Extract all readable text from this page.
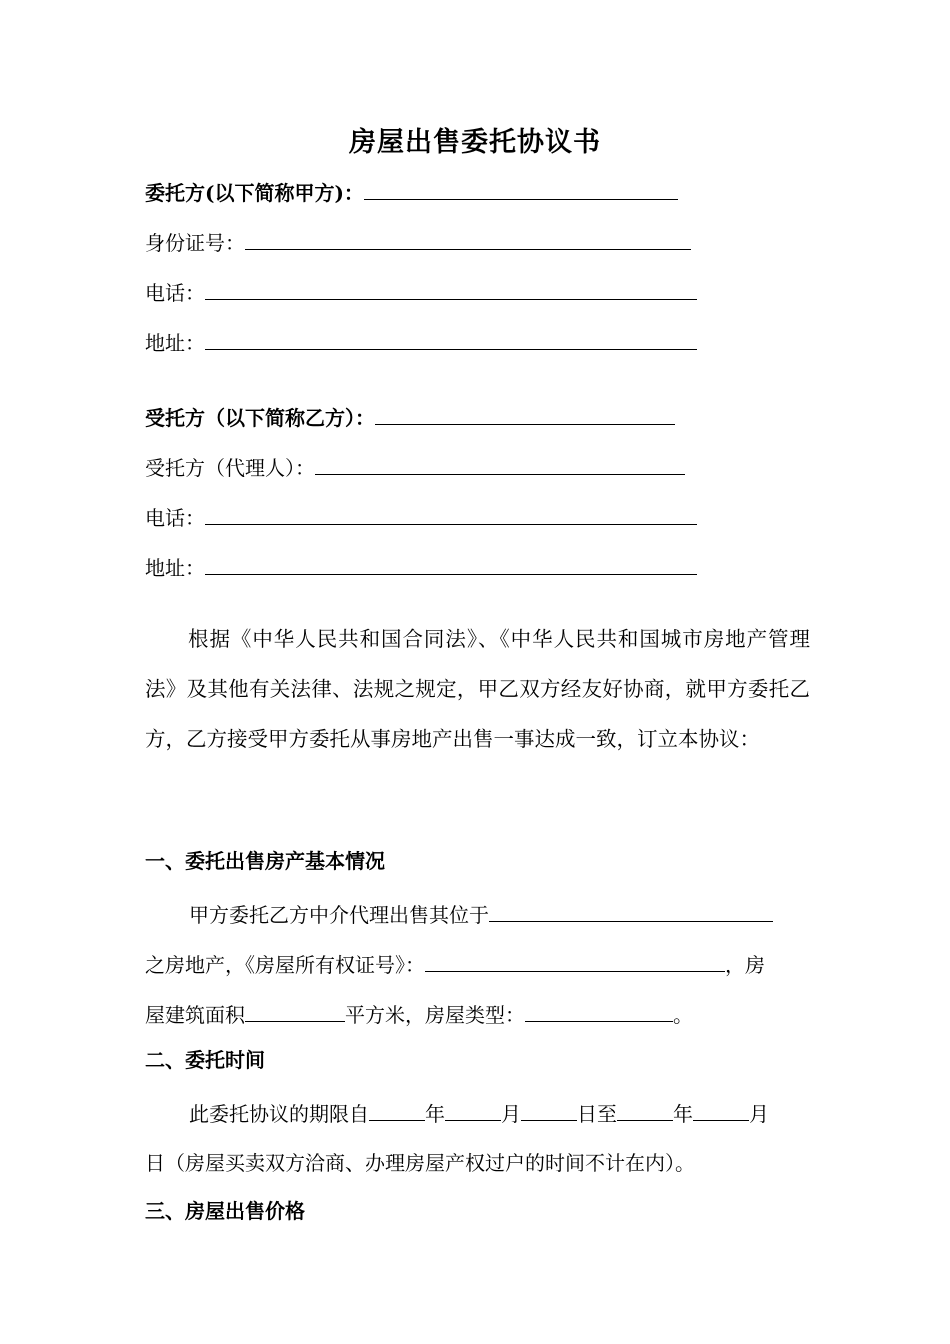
房屋出售委托协议书
委托方(以下简称甲方)：
身份证号：
电话：
地址：
受托方（以下简称乙方）：
受托方（代理人）：
电话：
地址：
根据《中华人民共和国合同法》、《中华人民共和国城市房地产管理法》及其他有关法律、法规之规定，甲乙双方经友好协商，就甲方委托乙方，乙方接受甲方委托从事房地产出售一事达成一致，订立本协议：
一、委托出售房产基本情况
甲方委托乙方中介代理出售其位于
之房地产，《房屋所有权证号》：	，房
屋建筑面积	平方米，房屋类型：	。
二、委托时间
此委托协议的期限自	年	月	日至	年	月
日（房屋买卖双方洽商、办理房屋产权过户的时间不计在内）。
三、房屋出售价格
